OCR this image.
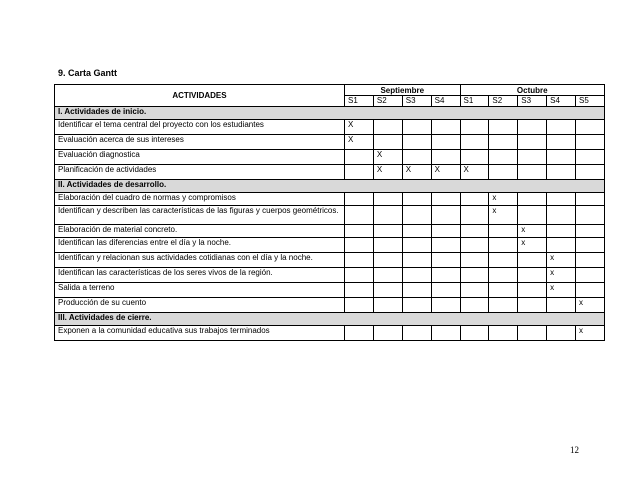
9. Carta Gantt
ACTIVIDADES	Septiembre				Octubre				
	S1	S2	S3	S4	S1	S2	S3	S4	S5
I. Actividades de inicio.									
Identificar el tema central del proyecto con los estudiantes	X								
Evaluación acerca de sus intereses	X								
Evaluación diagnostica		X							
Planificación de actividades		X	X	X	X				
II. Actividades de desarrollo.									
Elaboración del cuadro de normas y compromisos						x			
Identifican y describen las características de las figuras y cuerpos geométricos.						x			
Elaboración de material concreto.							x		
Identifican las diferencias entre el día y la noche.							x		
Identifican y relacionan sus actividades cotidianas con el día y la noche.								x	
Identifican las características de los seres vivos de la región.								x	
Salida a terreno								x	
Producción de su cuento									x
III. Actividades de cierre.									
Exponen a la comunidad educativa sus trabajos terminados									x
12
